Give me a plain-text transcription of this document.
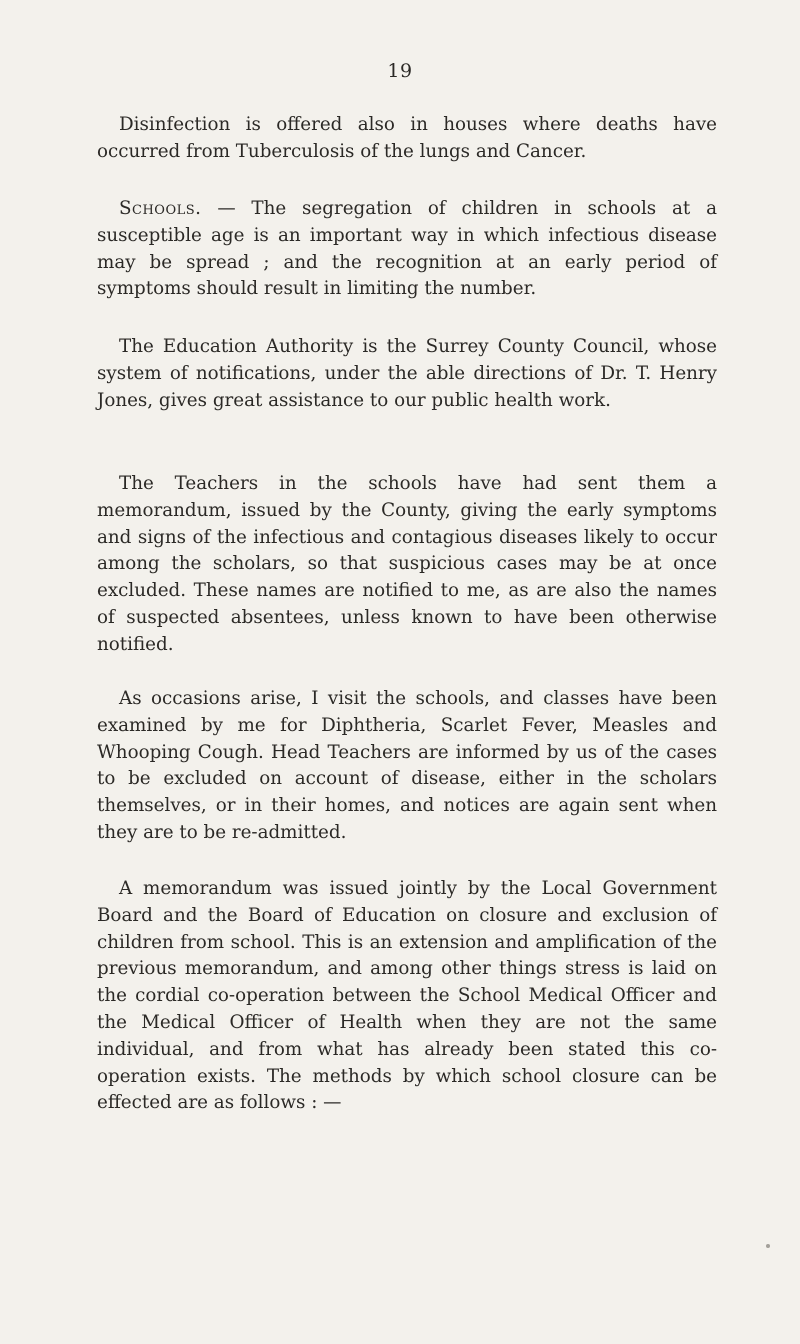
19

Disinfection is offered also in houses where deaths have occurred from Tuberculosis of the lungs and Cancer.

Schools. — The segregation of children in schools at a susceptible age is an important way in which infectious disease may be spread ; and the recognition at an early period of symptoms should result in limiting the number.

The Education Authority is the Surrey County Council, whose system of notifications, under the able directions of Dr. T. Henry Jones, gives great assistance to our public health work.

The Teachers in the schools have had sent them a memorandum, issued by the County, giving the early symptoms and signs of the infectious and contagious diseases likely to occur among the scholars, so that suspicious cases may be at once excluded. These names are notified to me, as are also the names of suspected absentees, unless known to have been otherwise notified.

As occasions arise, I visit the schools, and classes have been examined by me for Diphtheria, Scarlet Fever, Measles and Whooping Cough. Head Teachers are informed by us of the cases to be excluded on account of disease, either in the scholars themselves, or in their homes, and notices are again sent when they are to be re-admitted.

A memorandum was issued jointly by the Local Government Board and the Board of Education on closure and exclusion of children from school. This is an extension and amplification of the previous memorandum, and among other things stress is laid on the cordial co-operation between the School Medical Officer and the Medical Officer of Health when they are not the same individual, and from what has already been stated this co-operation exists. The methods by which school closure can be effected are as follows : —
